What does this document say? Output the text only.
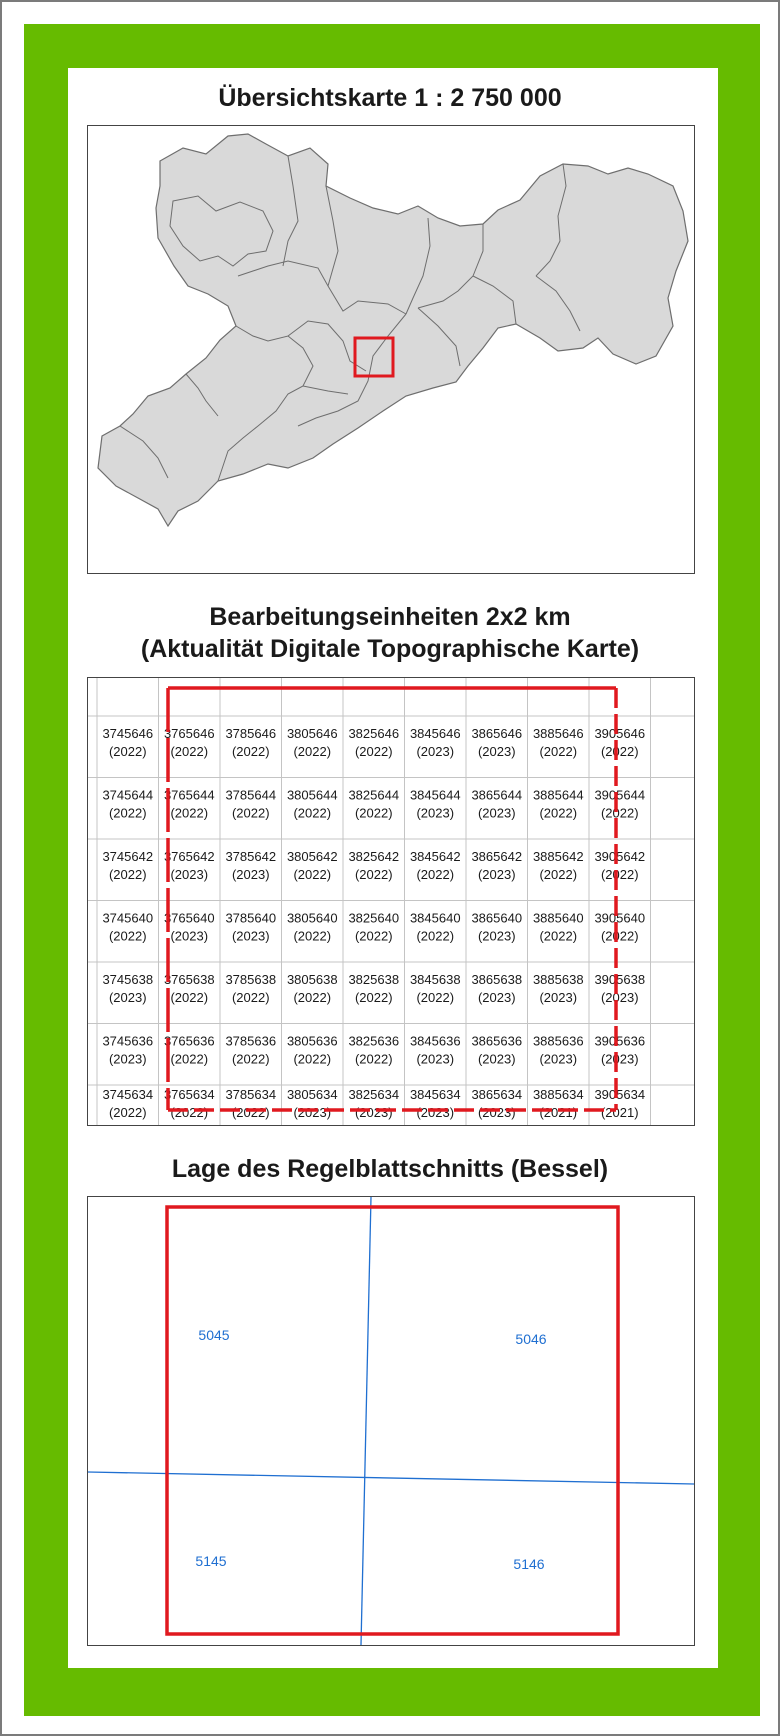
Übersichtskarte 1 : 2 750 000
Bearbeitungseinheiten 2x2 km
(Aktualität Digitale Topographische Karte)
3745646
(2022)
3765646
(2022)
3785646
(2022)
3805646
(2022)
3825646
(2022)
3845646
(2023)
3865646
(2023)
3885646
(2022)
3905646
(2022)
3745644
(2022)
3765644
(2022)
3785644
(2022)
3805644
(2022)
3825644
(2022)
3845644
(2023)
3865644
(2023)
3885644
(2022)
3905644
(2022)
3745642
(2022)
3765642
(2023)
3785642
(2023)
3805642
(2022)
3825642
(2022)
3845642
(2022)
3865642
(2023)
3885642
(2022)
3905642
(2022)
3745640
(2022)
3765640
(2023)
3785640
(2023)
3805640
(2022)
3825640
(2022)
3845640
(2022)
3865640
(2023)
3885640
(2022)
3905640
(2022)
3745638
(2023)
3765638
(2022)
3785638
(2022)
3805638
(2022)
3825638
(2022)
3845638
(2022)
3865638
(2023)
3885638
(2023)
3905638
(2023)
3745636
(2023)
3765636
(2022)
3785636
(2022)
3805636
(2022)
3825636
(2022)
3845636
(2023)
3865636
(2023)
3885636
(2023)
3905636
(2023)
3745634
(2022)
3765634
(2022)
3785634
(2022)
3805634
(2023)
3825634
(2023)
3845634
(2023)
3865634
(2023)
3885634
(2021)
3905634
(2021)
Lage des Regelblattschnitts (Bessel)
5045	5046
5145	5146
